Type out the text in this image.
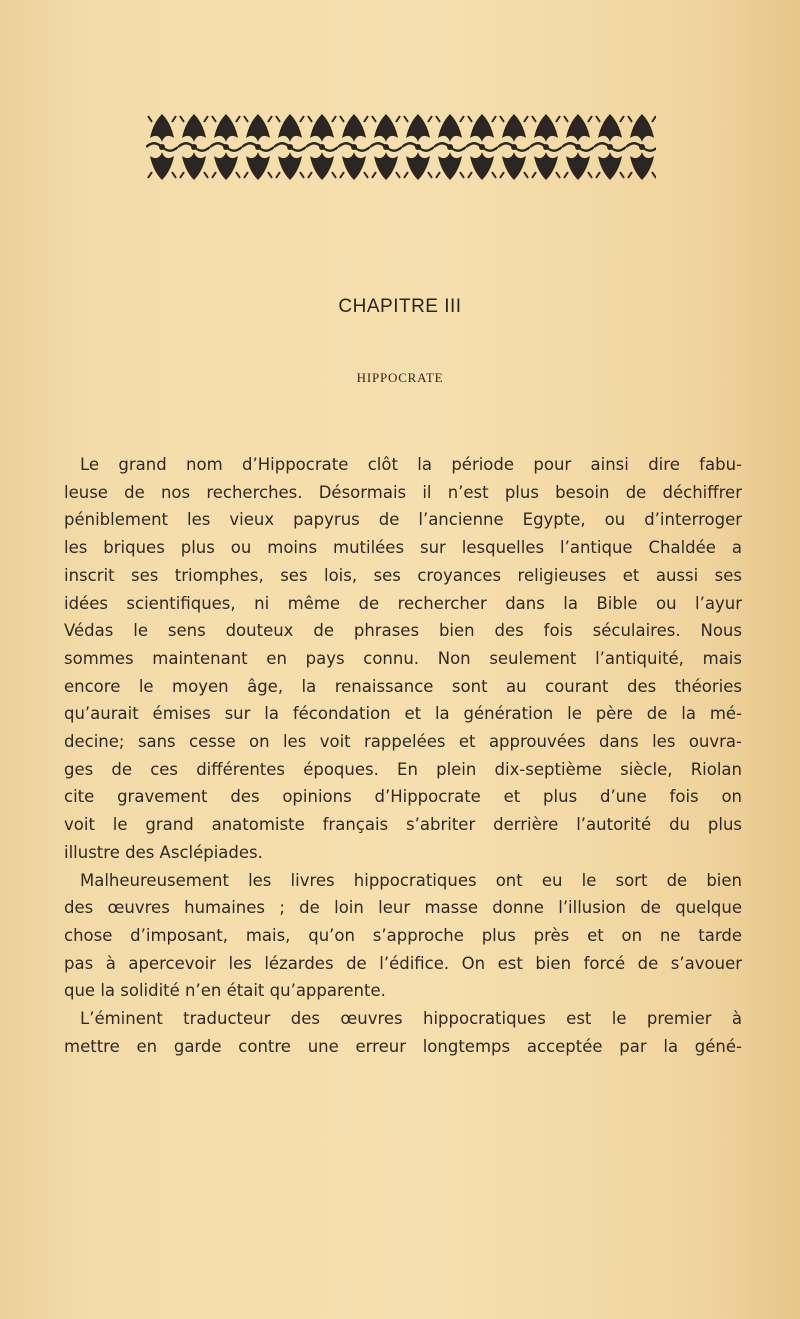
CHAPITRE III
HIPPOCRATE
Le grand nom d’Hippocrate clôt la période pour ainsi dire fabu-
leuse de nos recherches. Désormais il n’est plus besoin de déchiffrer
péniblement les vieux papyrus de l’ancienne Egypte, ou d’interroger
les briques plus ou moins mutilées sur lesquelles l’antique Chaldée a
inscrit ses triomphes, ses lois, ses croyances religieuses et aussi ses
idées scientifiques, ni même de rechercher dans la Bible ou l’ayur
Védas le sens douteux de phrases bien des fois séculaires. Nous
sommes maintenant en pays connu. Non seulement l’antiquité, mais
encore le moyen âge, la renaissance sont au courant des théories
qu’aurait émises sur la fécondation et la génération le père de la mé-
decine; sans cesse on les voit rappelées et approuvées dans les ouvra-
ges de ces différentes époques. En plein dix-septième siècle, Riolan
cite gravement des opinions d’Hippocrate et plus d’une fois on
voit le grand anatomiste français s’abriter derrière l’autorité du plus
illustre des Asclépiades.
Malheureusement les livres hippocratiques ont eu le sort de bien
des œuvres humaines ; de loin leur masse donne l’illusion de quelque
chose d’imposant, mais, qu’on s’approche plus près et on ne tarde
pas à apercevoir les lézardes de l’édifice. On est bien forcé de s’avouer
que la solidité n’en était qu’apparente.
L’éminent traducteur des œuvres hippocratiques est le premier à
mettre en garde contre une erreur longtemps acceptée par la géné-
